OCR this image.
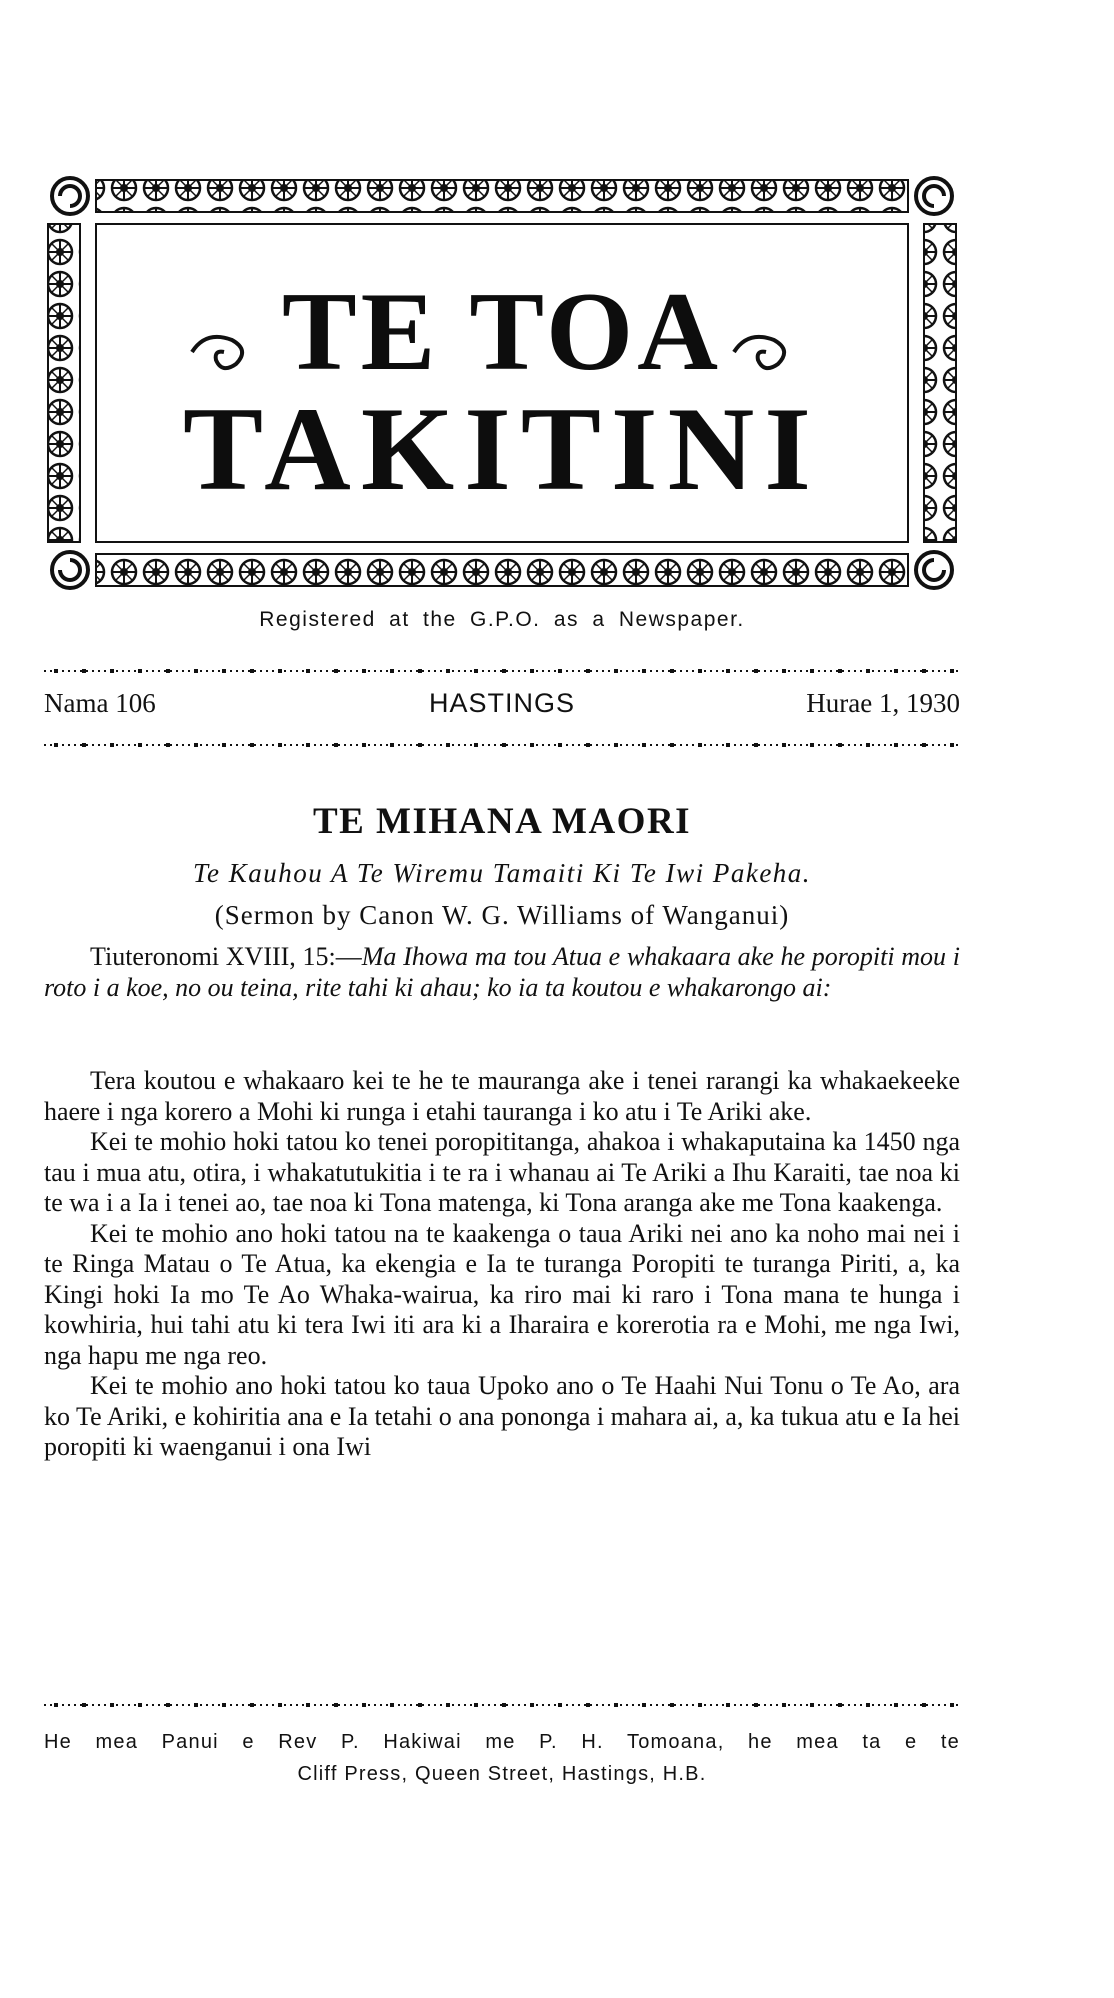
TE TOA
TAKITINI
Registered at the G.P.O. as a Newspaper.
Nama 106	HASTINGS	Hurae 1, 1930
TE MIHANA MAORI
Te Kauhou A Te Wiremu Tamaiti Ki Te Iwi Pakeha.
(Sermon by Canon W. G. Williams of Wanganui)

Tiuteronomi XVIII, 15:—Ma Ihowa ma tou Atua e whakaara ake he poropiti mou i roto i a koe, no ou teina, rite tahi ki ahau; ko ia ta koutou e whakarongo ai:

Tera koutou e whakaaro kei te he te mauranga ake i tenei rarangi ka whakaekeeke haere i nga korero a Mohi ki runga i etahi tauranga i ko atu i Te Ariki ake.

Kei te mohio hoki tatou ko tenei poropititanga, ahakoa i whakaputaina ka 1450 nga tau i mua atu, otira, i whakatutukitia i te ra i whanau ai Te Ariki a Ihu Karaiti, tae noa ki te wa i a Ia i tenei ao, tae noa ki Tona matenga, ki Tona aranga ake me Tona kaakenga.

Kei te mohio ano hoki tatou na te kaakenga o taua Ariki nei ano ka noho mai nei i te Ringa Matau o Te Atua, ka ekengia e Ia te turanga Poropiti te turanga Piriti, a, ka Kingi hoki Ia mo Te Ao Whaka-wairua, ka riro mai ki raro i Tona mana te hunga i kowhiria, hui tahi atu ki tera Iwi iti ara ki a Iharaira e korerotia ra e Mohi, me nga Iwi, nga hapu me nga reo.

Kei te mohio ano hoki tatou ko taua Upoko ano o Te Haahi Nui Tonu o Te Ao, ara ko Te Ariki, e kohiritia ana e Ia tetahi o ana pononga i mahara ai, a, ka tukua atu e Ia hei poropiti ki waenganui i ona Iwi

He mea Panui e Rev P. Hakiwai me P. H. Tomoana, he mea ta e te
Cliff Press, Queen Street, Hastings, H.B.
